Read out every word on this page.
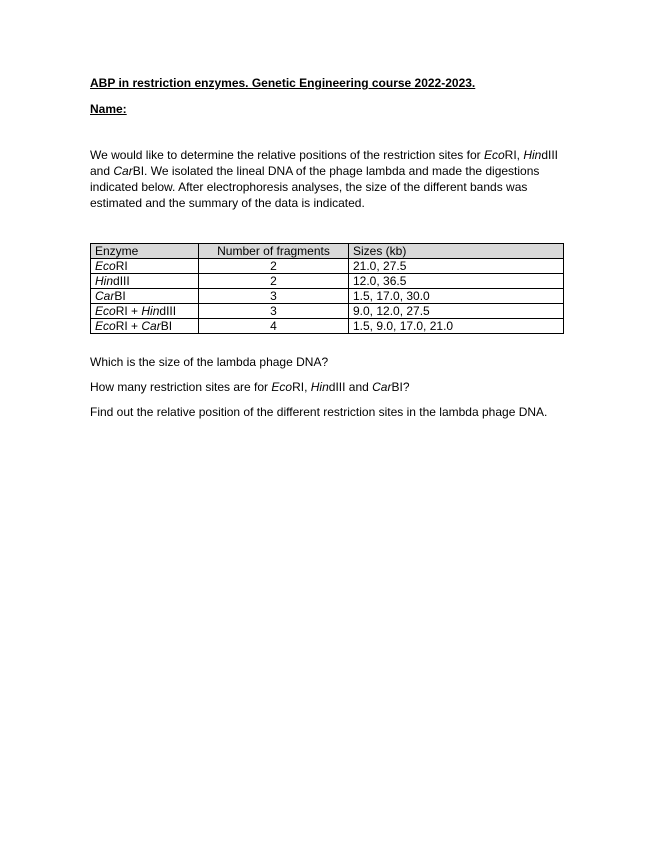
ABP in restriction enzymes. Genetic Engineering course 2022-2023.

Name:

We would like to determine the relative positions of the restriction sites for EcoRI, HindIII and CarBI. We isolated the lineal DNA of the phage lambda and made the digestions indicated below. After electrophoresis analyses, the size of the different bands was estimated and the summary of the data is indicated.

Enzyme	Number of fragments	Sizes (kb)
EcoRI	2	21.0, 27.5
HindIII	2	12.0, 36.5
CarBI	3	1.5, 17.0, 30.0
EcoRI + HindIII	3	9.0, 12.0, 27.5
EcoRI + CarBI	4	1.5, 9.0, 17.0, 21.0

Which is the size of the lambda phage DNA?

How many restriction sites are for EcoRI, HindIII and CarBI?

Find out the relative position of the different restriction sites in the lambda phage DNA.
